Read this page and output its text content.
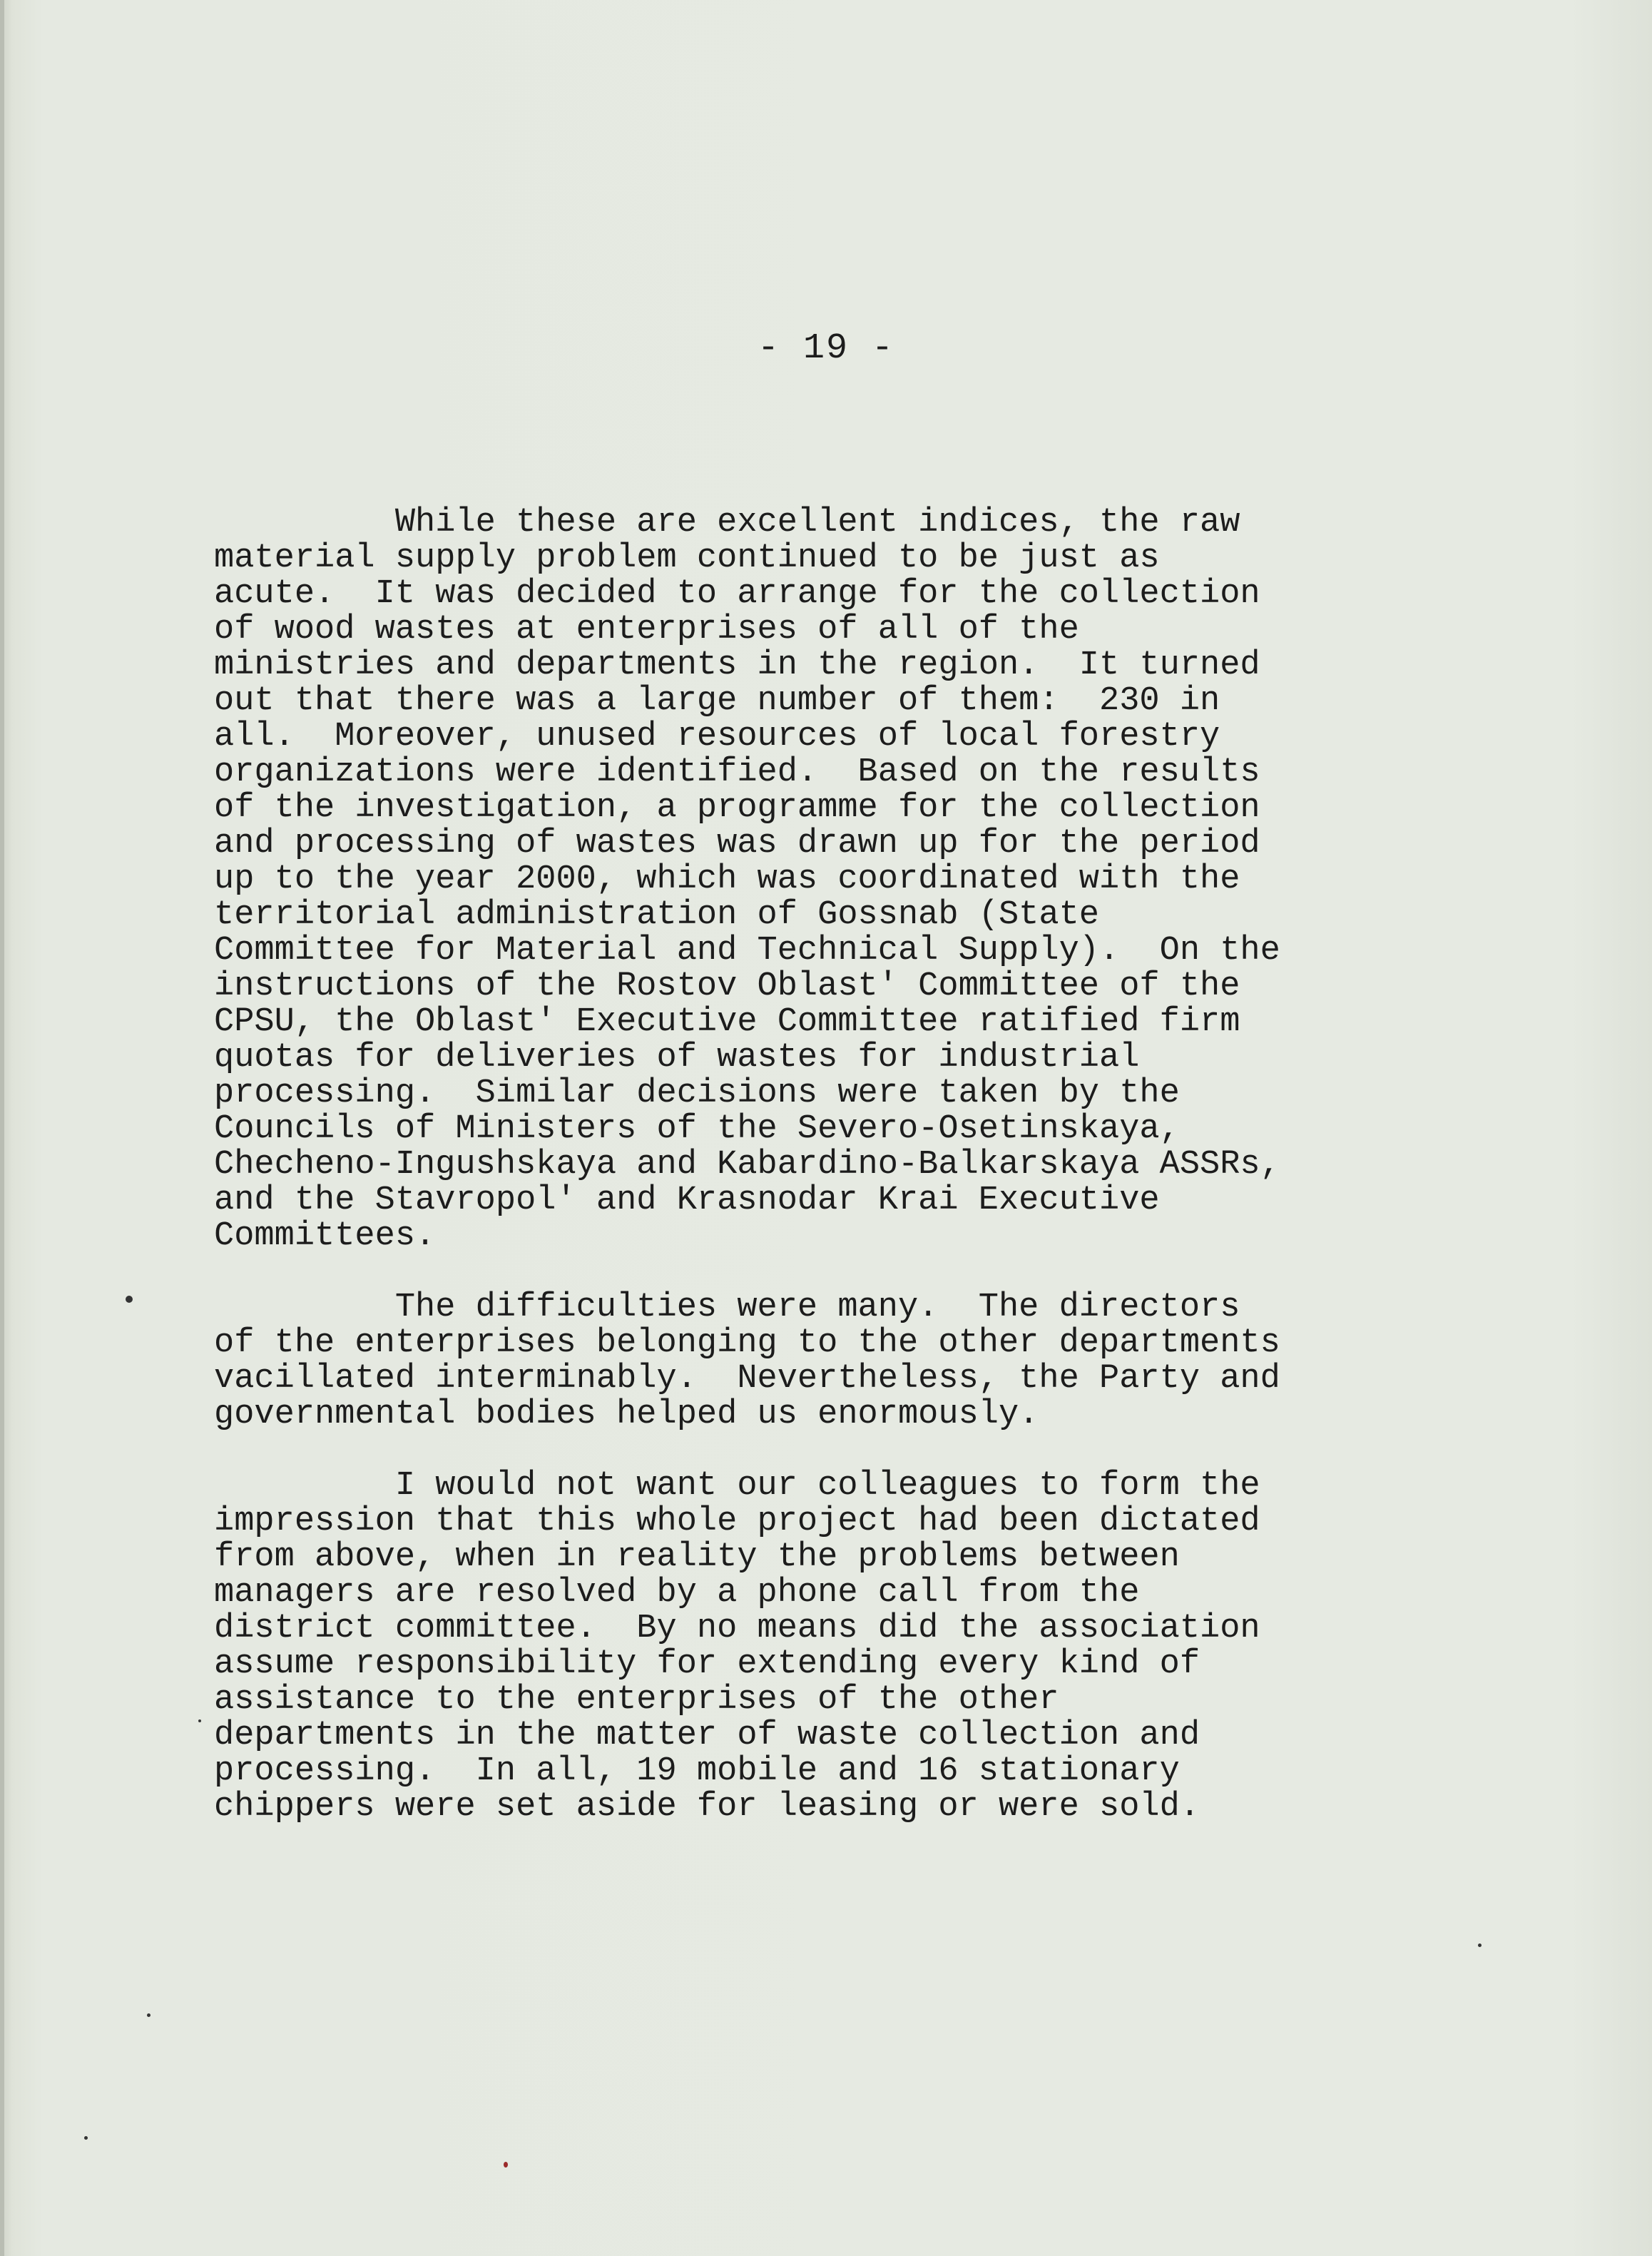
- 19 -
While these are excellent indices, the raw
material supply problem continued to be just as
acute.  It was decided to arrange for the collection
of wood wastes at enterprises of all of the
ministries and departments in the region.  It turned
out that there was a large number of them:  230 in
all.  Moreover, unused resources of local forestry
organizations were identified.  Based on the results
of the investigation, a programme for the collection
and processing of wastes was drawn up for the period
up to the year 2000, which was coordinated with the
territorial administration of Gossnab (State
Committee for Material and Technical Supply).  On the
instructions of the Rostov Oblast' Committee of the
CPSU, the Oblast' Executive Committee ratified firm
quotas for deliveries of wastes for industrial
processing.  Similar decisions were taken by the
Councils of Ministers of the Severo-Osetinskaya,
Checheno-Ingushskaya and Kabardino-Balkarskaya ASSRs,
and the Stavropol' and Krasnodar Krai Executive
Committees.
The difficulties were many.  The directors
of the enterprises belonging to the other departments
vacillated interminably.  Nevertheless, the Party and
governmental bodies helped us enormously.
I would not want our colleagues to form the
impression that this whole project had been dictated
from above, when in reality the problems between
managers are resolved by a phone call from the
district committee.  By no means did the association
assume responsibility for extending every kind of
assistance to the enterprises of the other
departments in the matter of waste collection and
processing.  In all, 19 mobile and 16 stationary
chippers were set aside for leasing or were sold.
